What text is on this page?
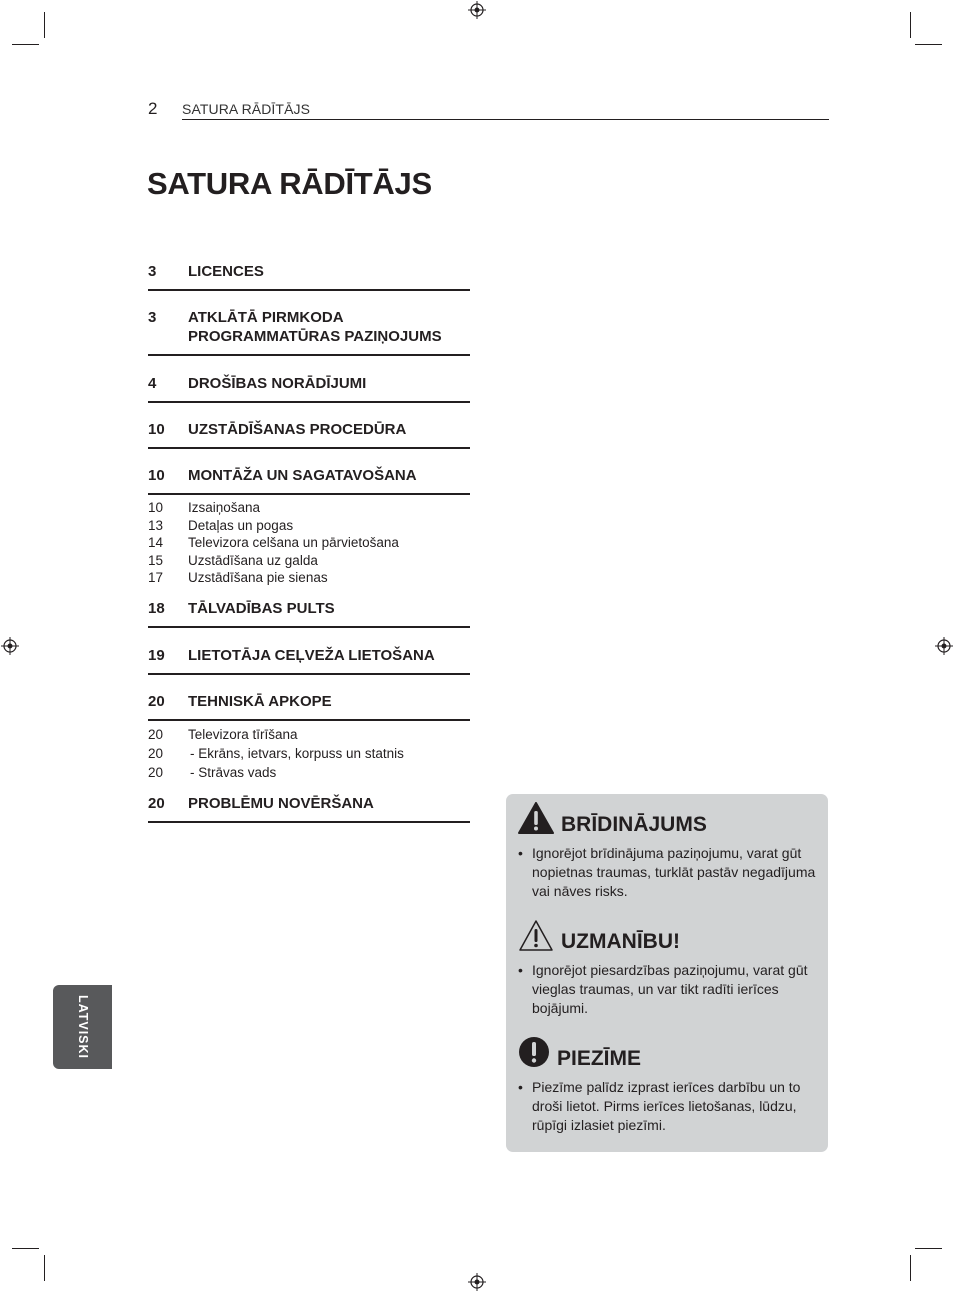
2 SATURA RĀDĪTĀJS
SATURA RĀDĪTĀJS
3 LICENCES
3 ATKLĀTĀ PIRMKODA PROGRAMMATŪRAS PAZIŅOJUMS
4 DROŠĪBAS NORĀDĪJUMI
10 UZSTĀDĪŠANAS PROCEDŪRA
10 MONTĀŽA UN SAGATAVOŠANA
10 Izsaiņošana
13 Detaļas un pogas
14 Televizora celšana un pārvietošana
15 Uzstādīšana uz galda
17 Uzstādīšana pie sienas
18 TĀLVADĪBAS PULTS
19 LIETOTĀJA CEĻVEŽA LIETOŠANA
20 TEHNISKĀ APKOPE
20 Televizora tīrīšana
20 - Ekrāns, ietvars, korpuss un statnis
20 - Strāvas vads
20 PROBLĒMU NOVĒRŠANA
LATVISKI
BRĪDINĀJUMS
• Ignorējot brīdinājuma paziņojumu, varat gūt nopietnas traumas, turklāt pastāv negadījuma vai nāves risks.
UZMANĪBU!
• Ignorējot piesardzības paziņojumu, varat gūt vieglas traumas, un var tikt radīti ierīces bojājumi.
PIEZĪME
• Piezīme palīdz izprast ierīces darbību un to droši lietot. Pirms ierīces lietošanas, lūdzu, rūpīgi izlasiet piezīmi.
